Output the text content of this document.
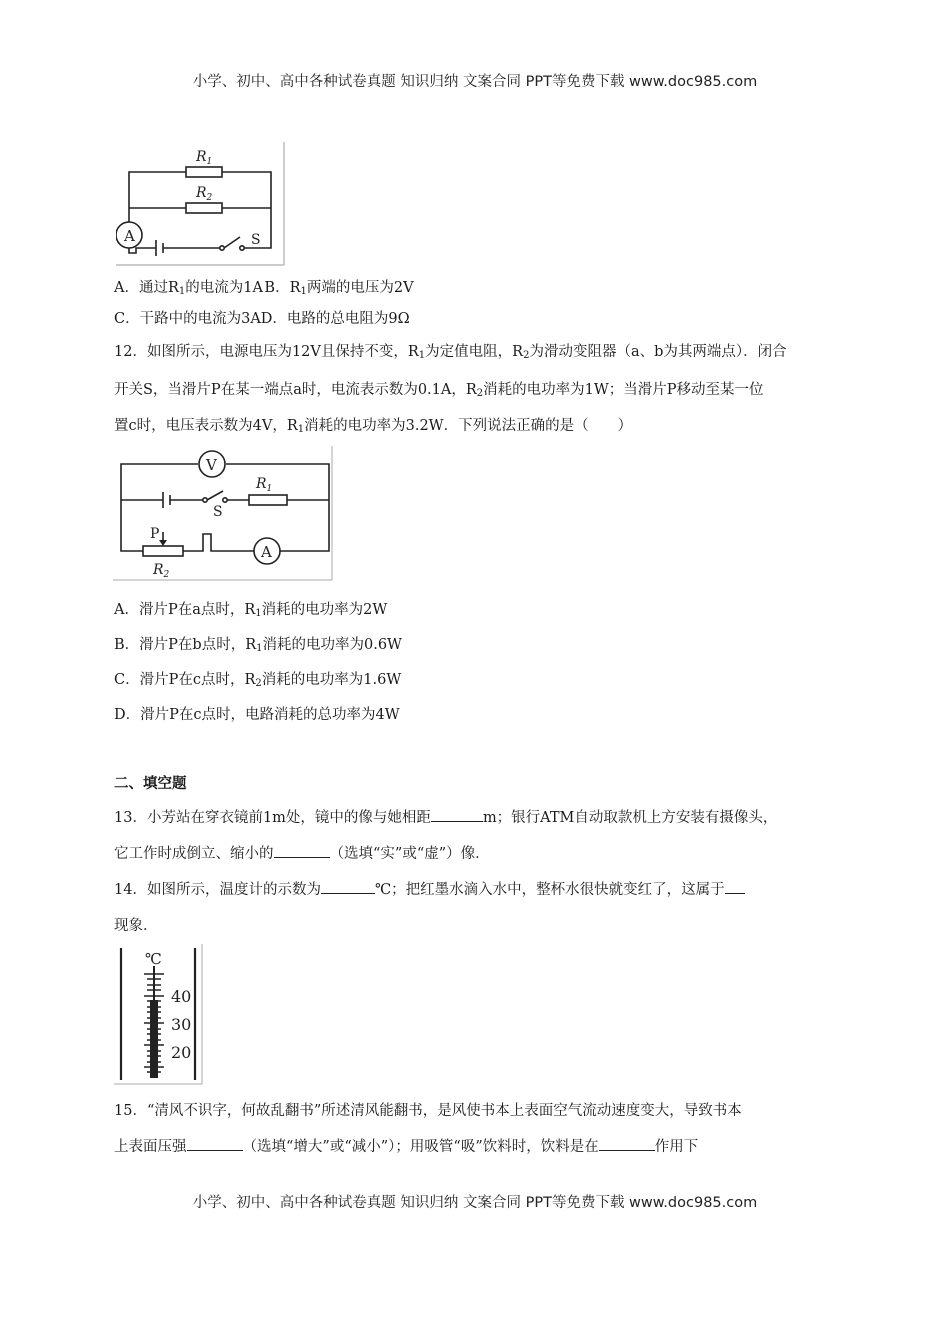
小学、初中、高中各种试卷真题 知识归纳 文案合同 PPT等免费下载 www.doc985.com
$R_1$
$R_2$
A	S
A．通过$R_1$的电流为1A B．$R_1$两端的电压为2V
C．干路中的电流为3AD．电路的总电阻为9Ω
12．如图所示，电源电压为12V且保持不变，$R_1$为定值电阻，$R_2$为滑动变阻器（a、b为其两端点）．闭合
开关S，当滑片P在某一端点a时，电流表示数为0.1A，$R_2$消耗的电功率为1W；当滑片P移动至某一位
置c时，电压表示数为4V，$R_1$消耗的电功率为3.2W．下列说法正确的是（　　）
V
$R_1$
S
P
$R_2$
A
A．滑片P在a点时，$R_1$消耗的电功率为2W
B．滑片P在b点时，$R_1$消耗的电功率为0.6W
C．滑片P在c点时，$R_2$消耗的电功率为1.6W
D．滑片P在c点时，电路消耗的总功率为4W
二、填空题
13．小芳站在穿衣镜前1m处，镜中的像与她相距	m；银行ATM自动取款机上方安装有摄像头，
它工作时成倒立、缩小的	（选填“实”或“虚”）像．
14．如图所示，温度计的示数为	℃；把红墨水滴入水中，整杯水很快就变红了，这属于
现象．
℃
40
30
20
15．“清风不识字，何故乱翻书”所述清风能翻书，是风使书本上表面空气流动速度变大，导致书本
上表面压强	（选填“增大”或“减小”）；用吸管“吸”饮料时，饮料是在	作用下
小学、初中、高中各种试卷真题 知识归纳 文案合同 PPT等免费下载 www.doc985.com
